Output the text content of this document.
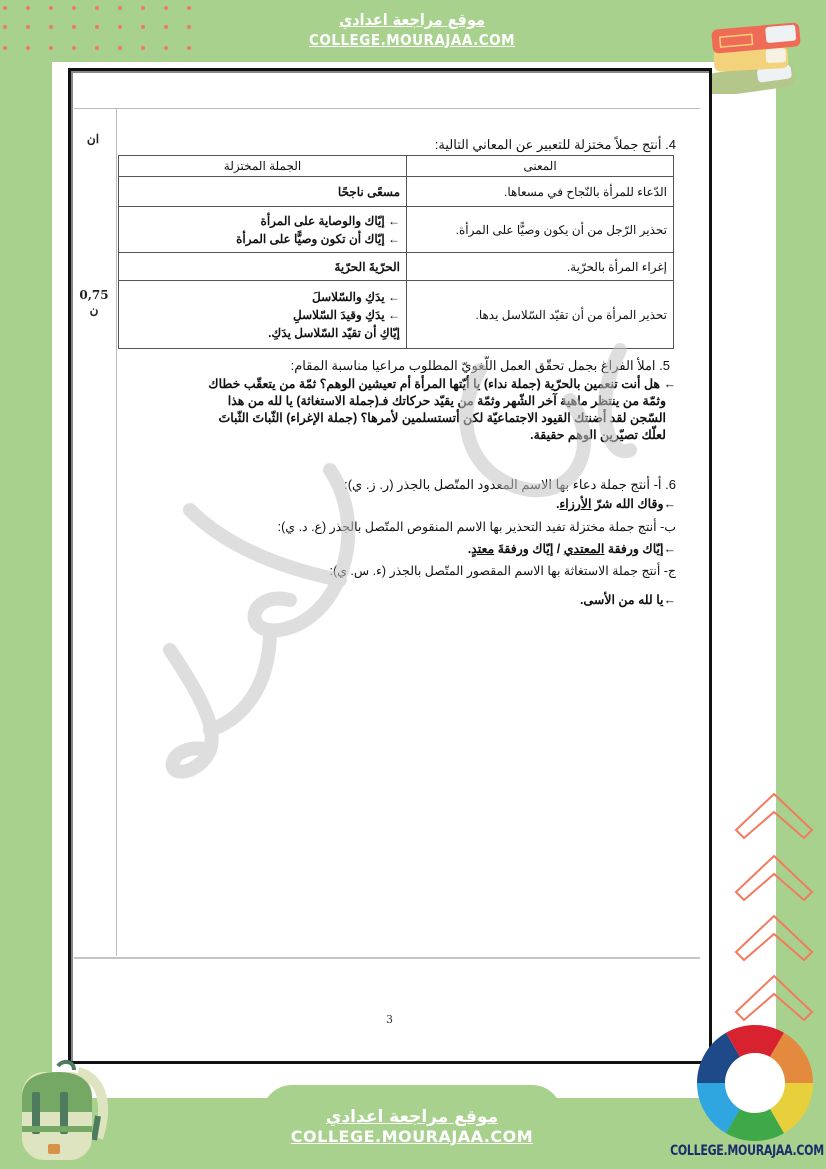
موقع مراجعة اعدادي
COLLEGE.MOURAJAA.COM
ان
0,75
ن
4. أنتج جملاً مختزلة للتعبير عن المعاني التالية:
المعنى	الجملة المختزلة
الدّعاء للمرأة بالنّجاح في مسعاها.	مسعًى ناجحًا
تحذير الرّجل من أن يكون وصيًّا على المرأة.	← إيّاك والوصاية على المرأة
← إيّاك أن تكون وصيًّا على المرأة

إغراء المرأة بالحرّية.	الحرّيةَ الحرّيةَ
تحذير المرأة من أن تقيّد السّلاسل يدها.	← يدَكِ والسّلاسلَ
← يدَكِ وقيدَ السّلاسلِ
إيّاكِ أن تقيّد السّلاسل يدَكِ.
5. املأ الفراغ بجمل تحقّق العمل اللّغويّ المطلوب مراعيا مناسبة المقام:
← هل أنت تنعمين بالحرّية (جملة نداء) يا أيّتها المرأة أم تعيشين الوهم؟ ثمّة من يتعقّب خطاك
وثمّة من ينتظر ماهية آخر الشّهر وثمّة من يقيّد حركاتك فـ(جملة الاستغاثة) يا لله من هذا
السّجن لقد أضنتك القيود الاجتماعيّة لكن أتستسلمين لأمرها؟ (جملة الإغراء) الثّباتَ الثّباتَ
لعلّك تصيّرين الوهم حقيقة.
6. أ- أنتج جملة دعاء بها الاسم المعدود المتّصل بالجذر (ر. ز. ي):
←وقاك الله شرّ الأرزاء.
ب- أنتج جملة مختزلة تفيد التحذير بها الاسم المنقوص المتّصل بالجذر (ع. د. ي):
←إيّاك ورفقة المعتدي / إيّاك ورفقةَ معتدٍ.
ج- أنتج جملة الاستغاثة بها الاسم المقصور المتّصل بالجذر (ء. س. ي):
←يا لله من الأسى.
3
COLLEGE.MOURAJAA.COM
موقع مراجعة اعدادي
COLLEGE.MOURAJAA.COM
